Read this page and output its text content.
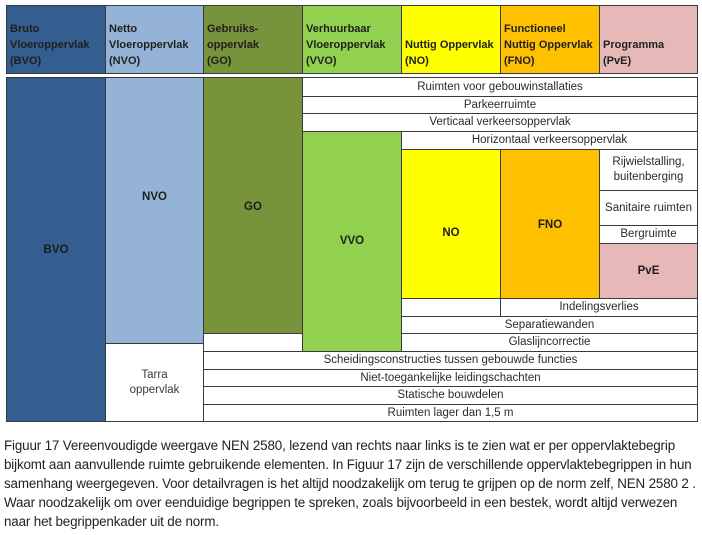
Bruto
Vloeroppervlak
(BVO)
Netto
Vloeroppervlak
(NVO)
Gebruiks-
oppervlak
(GO)
Verhuurbaar
Vloeroppervlak
(VVO)
Nuttig Oppervlak
(NO)
Functioneel
Nuttig Oppervlak
(FNO)
Programma
(PvE)
BVO
NVO
Tarra
oppervlak
GO
Ruimten voor gebouwinstallaties
Parkeerruimte
Verticaal verkeersoppervlak
VVO
Horizontaal verkeersoppervlak
NO
FNO
Rijwielstalling,
buitenberging
Sanitaire ruimten
Bergruimte
PvE
Indelingsverlies
Separatiewanden
Glaslijncorrectie
Scheidingsconstructies tussen gebouwde functies
Niet-toegankelijke leidingschachten
Statische bouwdelen
Ruimten lager dan 1,5 m
Figuur 17 Vereenvoudigde weergave NEN 2580, lezend van rechts naar links is te zien wat er per oppervlaktebegrip bijkomt aan aanvullende ruimte gebruikende elementen. In Figuur 17 zijn de verschillende oppervlaktebegrippen in hun samenhang weergegeven. Voor detailvragen is het altijd noodzakelijk om terug te grijpen op de norm zelf, NEN 2580 2 . Waar noodzakelijk om over eenduidige begrippen te spreken, zoals bijvoorbeeld in een bestek, wordt altijd verwezen naar het begrippenkader uit de norm.
